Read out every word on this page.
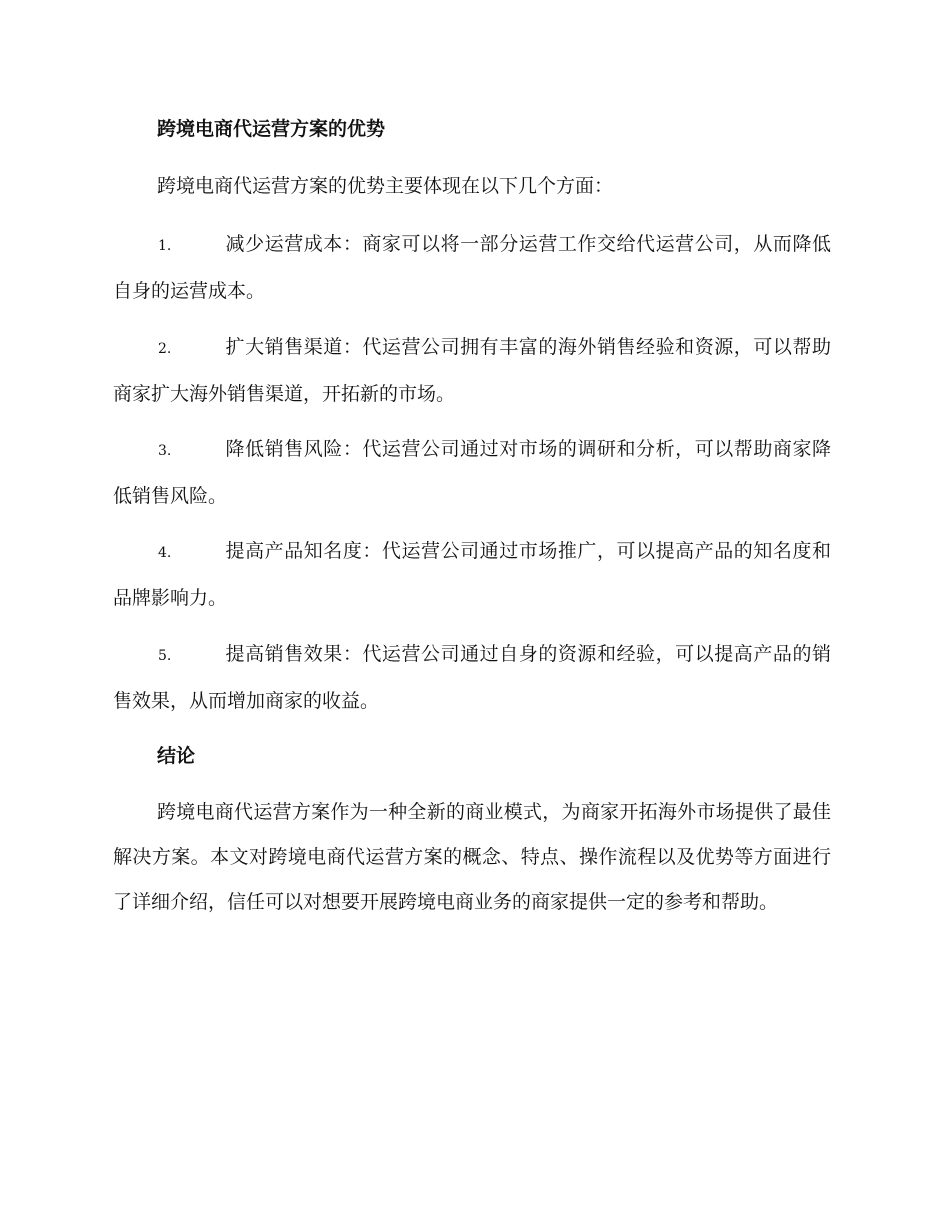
跨境电商代运营方案的优势

跨境电商代运营方案的优势主要体现在以下几个方面：

1.	减少运营成本：商家可以将一部分运营工作交给代运营公司，从而降低自身的运营成本。

2.	扩大销售渠道：代运营公司拥有丰富的海外销售经验和资源，可以帮助商家扩大海外销售渠道，开拓新的市场。

3.	降低销售风险：代运营公司通过对市场的调研和分析，可以帮助商家降低销售风险。

4.	提高产品知名度：代运营公司通过市场推广，可以提高产品的知名度和品牌影响力。

5.	提高销售效果：代运营公司通过自身的资源和经验，可以提高产品的销售效果，从而增加商家的收益。

结论

跨境电商代运营方案作为一种全新的商业模式，为商家开拓海外市场提供了最佳解决方案。本文对跨境电商代运营方案的概念、特点、操作流程以及优势等方面进行了详细介绍，信任可以对想要开展跨境电商业务的商家提供一定的参考和帮助。
